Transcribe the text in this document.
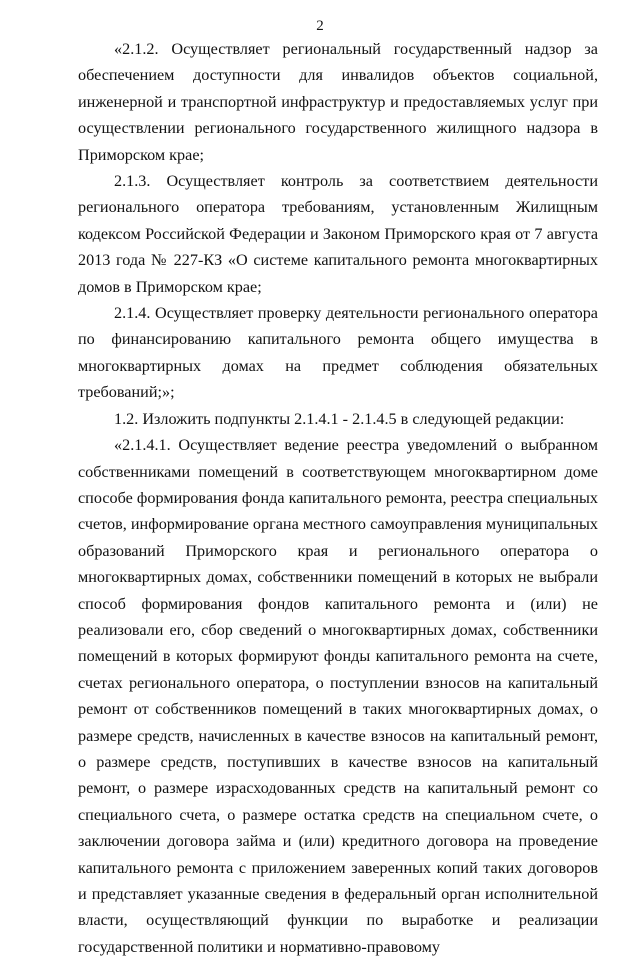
2

«2.1.2. Осуществляет региональный государственный надзор за обеспечением доступности для инвалидов объектов социальной, инженерной и транспортной инфраструктур и предоставляемых услуг при осуществлении регионального государственного жилищного надзора в Приморском крае;

2.1.3. Осуществляет контроль за соответствием деятельности регионального оператора требованиям, установленным Жилищным кодексом Российской Федерации и Законом Приморского края от 7 августа 2013 года № 227-КЗ «О системе капитального ремонта многоквартирных домов в Приморском крае;

2.1.4. Осуществляет проверку деятельности регионального оператора по финансированию капитального ремонта общего имущества в многоквартирных домах на предмет соблюдения обязательных требований;»;

1.2. Изложить подпункты 2.1.4.1 - 2.1.4.5 в следующей редакции:

«2.1.4.1. Осуществляет ведение реестра уведомлений о выбранном собственниками помещений в соответствующем многоквартирном доме способе формирования фонда капитального ремонта, реестра специальных счетов, информирование органа местного самоуправления муниципальных образований Приморского края и регионального оператора о многоквартирных домах, собственники помещений в которых не выбрали способ формирования фондов капитального ремонта и (или) не реализовали его, сбор сведений о многоквартирных домах, собственники помещений в которых формируют фонды капитального ремонта на счете, счетах регионального оператора, о поступлении взносов на капитальный ремонт от собственников помещений в таких многоквартирных домах, о размере средств, начисленных в качестве взносов на капитальный ремонт, о размере средств, поступивших в качестве взносов на капитальный ремонт, о размере израсходованных средств на капитальный ремонт со специального счета, о размере остатка средств на специальном счете, о заключении договора займа и (или) кредитного договора на проведение капитального ремонта с приложением заверенных копий таких договоров и представляет указанные сведения в федеральный орган исполнительной власти, осуществляющий функции по выработке и реализации государственной политики и нормативно-правовому
